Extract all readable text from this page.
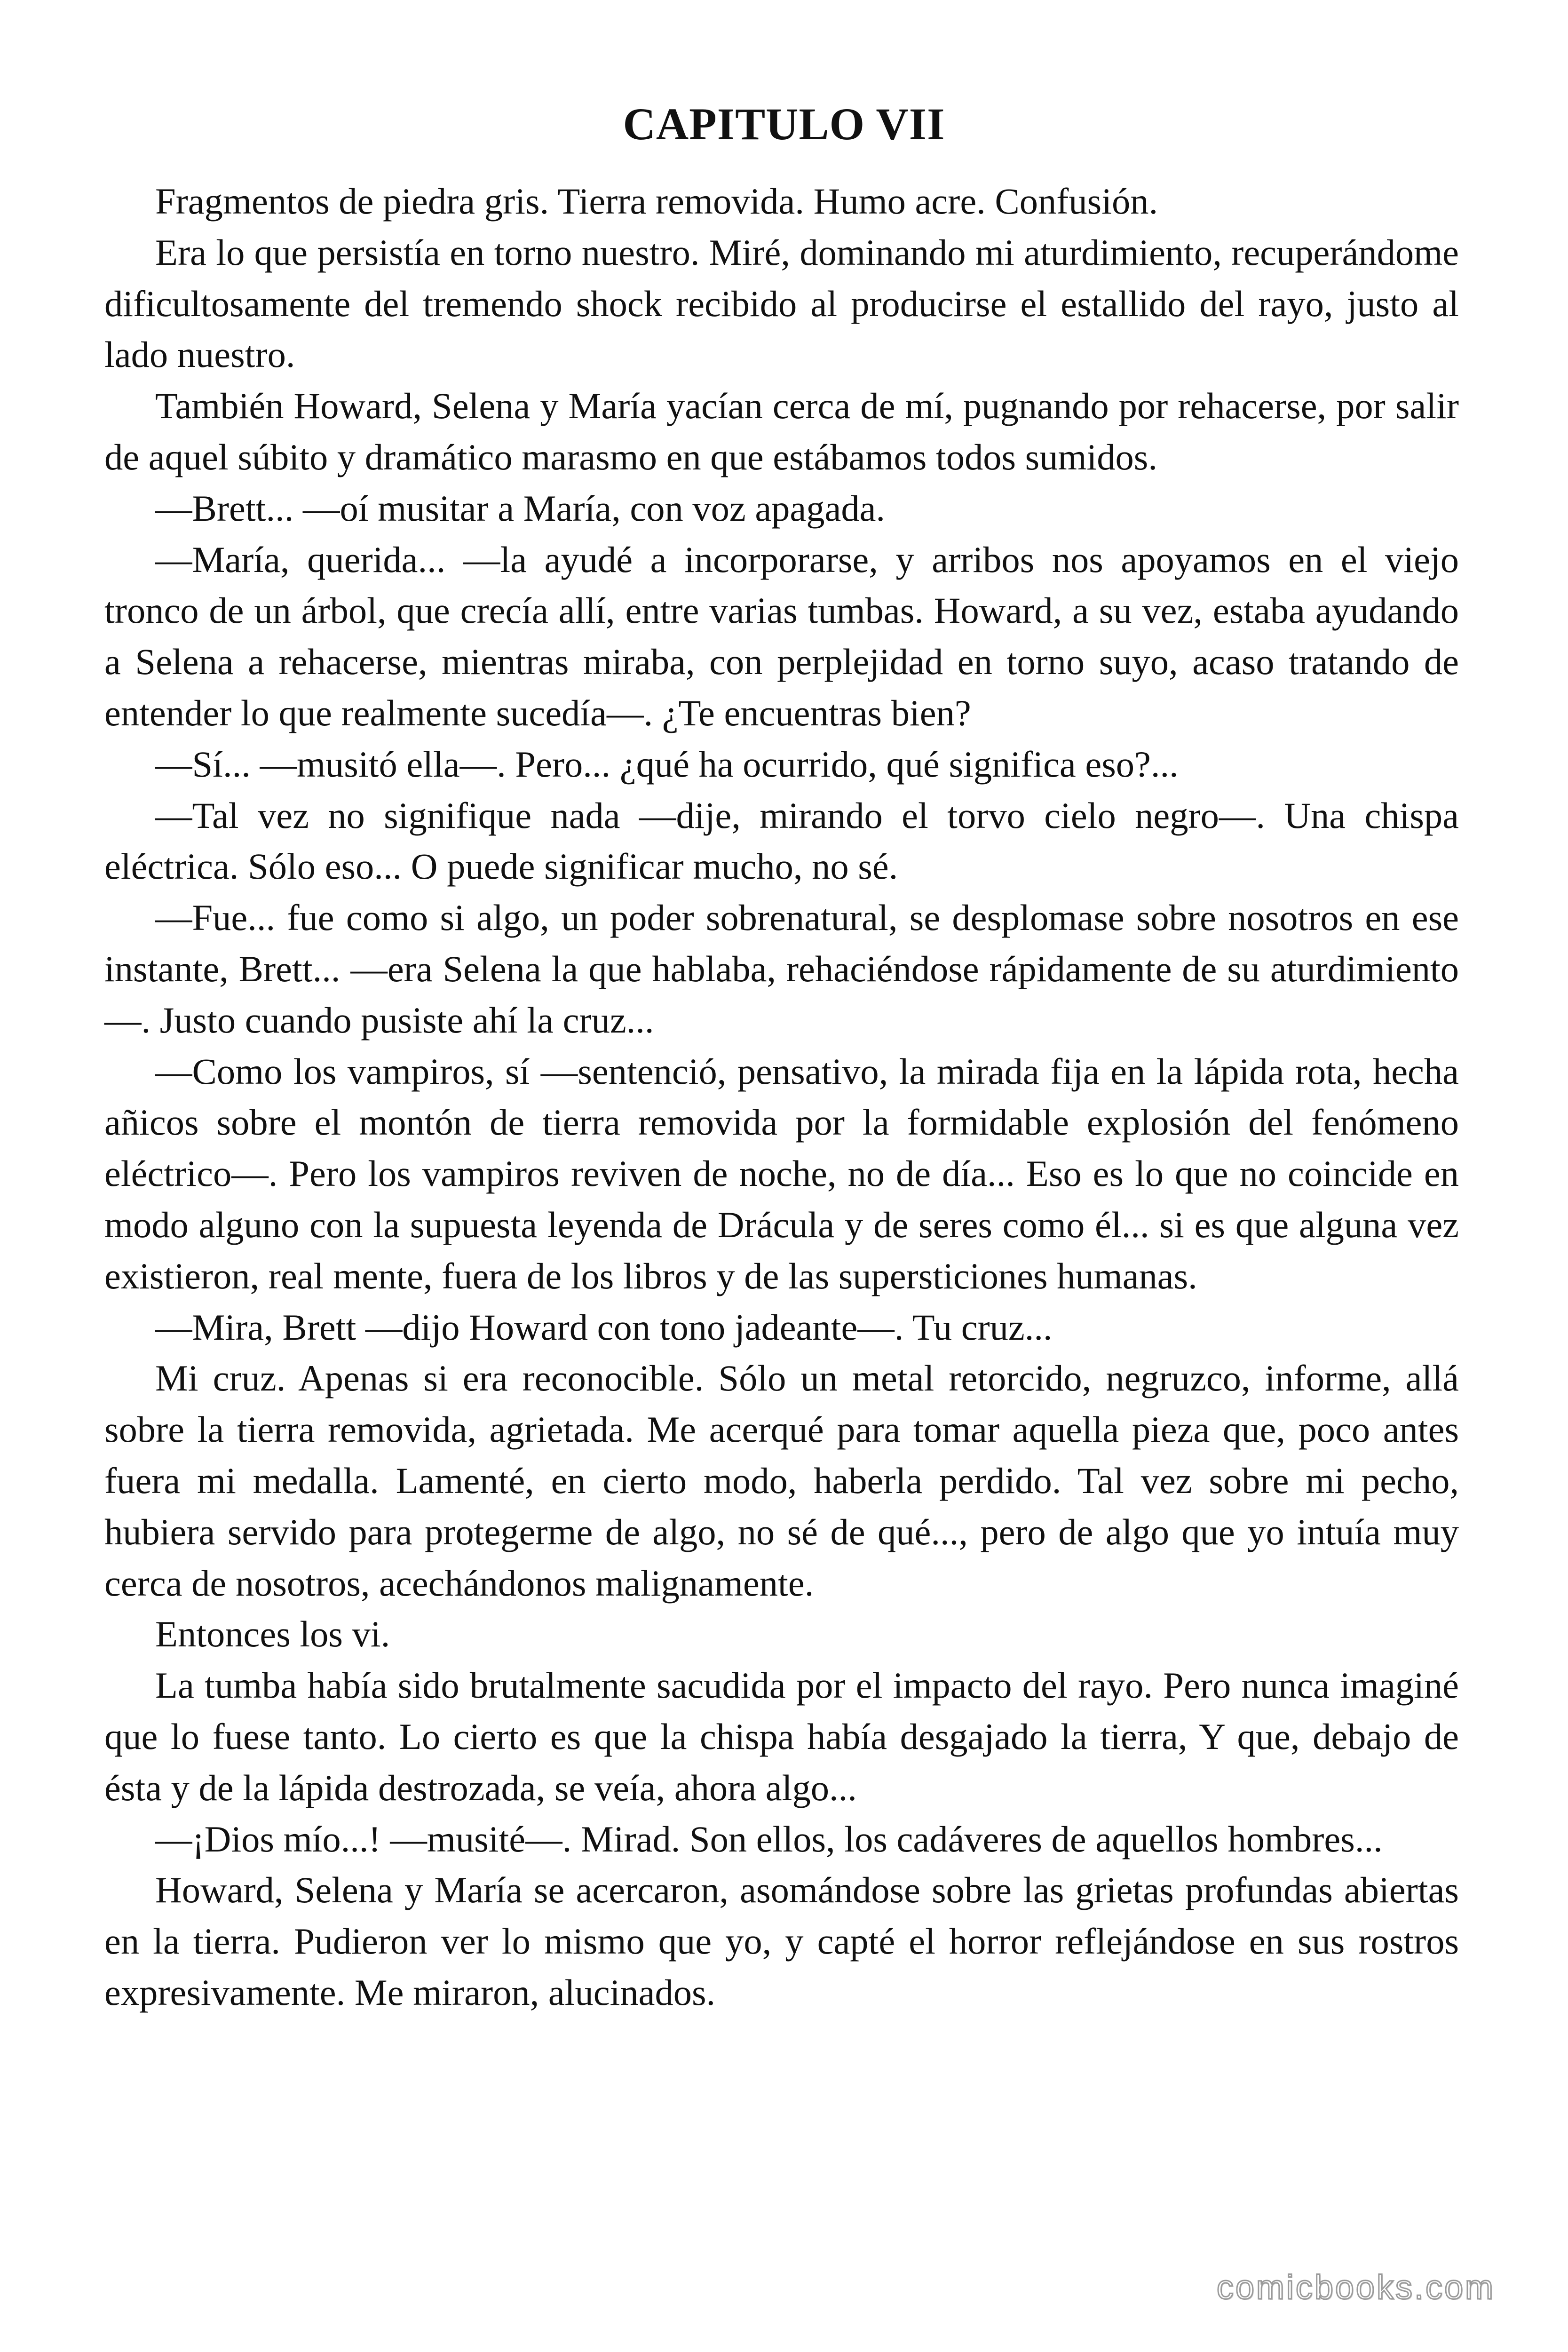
CAPITULO VII

Fragmentos de piedra gris. Tierra removida. Humo acre. Confusión.

Era lo que persistía en torno nuestro. Miré, dominando mi aturdimiento, recuperándome dificultosamente del tremendo shock recibido al producirse el estallido del rayo, justo al lado nuestro.

También Howard, Selena y María yacían cerca de mí, pugnando por rehacerse, por salir de aquel súbito y dramático marasmo en que estábamos todos sumidos.

—Brett... —oí musitar a María, con voz apagada.

—María, querida... —la ayudé a incorporarse, y arribos nos apoyamos en el viejo tronco de un árbol, que crecía allí, entre varias tumbas. Howard, a su vez, estaba ayudando a Selena a rehacerse, mientras miraba, con perplejidad en torno suyo, acaso tratando de entender lo que realmente sucedía—. ¿Te encuentras bien?

—Sí... —musitó ella—. Pero... ¿qué ha ocurrido, qué significa eso?...

—Tal vez no signifique nada —dije, mirando el torvo cielo negro—. Una chispa eléctrica. Sólo eso... O puede significar mucho, no sé.

—Fue... fue como si algo, un poder sobrenatural, se desplomase sobre nosotros en ese instante, Brett... —era Selena la que hablaba, rehaciéndose rápidamente de su aturdimiento—. Justo cuando pusiste ahí la cruz...

—Como los vampiros, sí —sentenció, pensativo, la mirada fija en la lápida rota, hecha añicos sobre el montón de tierra removida por la formidable explosión del fenómeno eléctrico—. Pero los vampiros reviven de noche, no de día... Eso es lo que no coincide en modo alguno con la supuesta leyenda de Drácula y de seres como él... si es que alguna vez existieron, real mente, fuera de los libros y de las supersticiones humanas.

—Mira, Brett —dijo Howard con tono jadeante—. Tu cruz...

Mi cruz. Apenas si era reconocible. Sólo un metal retorcido, negruzco, informe, allá sobre la tierra removida, agrietada. Me acerqué para tomar aquella pieza que, poco antes fuera mi medalla. Lamenté, en cierto modo, haberla perdido. Tal vez sobre mi pecho, hubiera servido para protegerme de algo, no sé de qué..., pero de algo que yo intuía muy cerca de nosotros, acechándonos malignamente.

Entonces los vi.

La tumba había sido brutalmente sacudida por el impacto del rayo. Pero nunca imaginé que lo fuese tanto. Lo cierto es que la chispa había desgajado la tierra, Y que, debajo de ésta y de la lápida destrozada, se veía, ahora algo...

—¡Dios mío...! —musité—. Mirad. Son ellos, los cadáveres de aquellos hombres...

Howard, Selena y María se acercaron, asomándose sobre las grietas profundas abiertas en la tierra. Pudieron ver lo mismo que yo, y capté el horror reflejándose en sus rostros expresivamente. Me miraron, alucinados.

comicbooks.com
